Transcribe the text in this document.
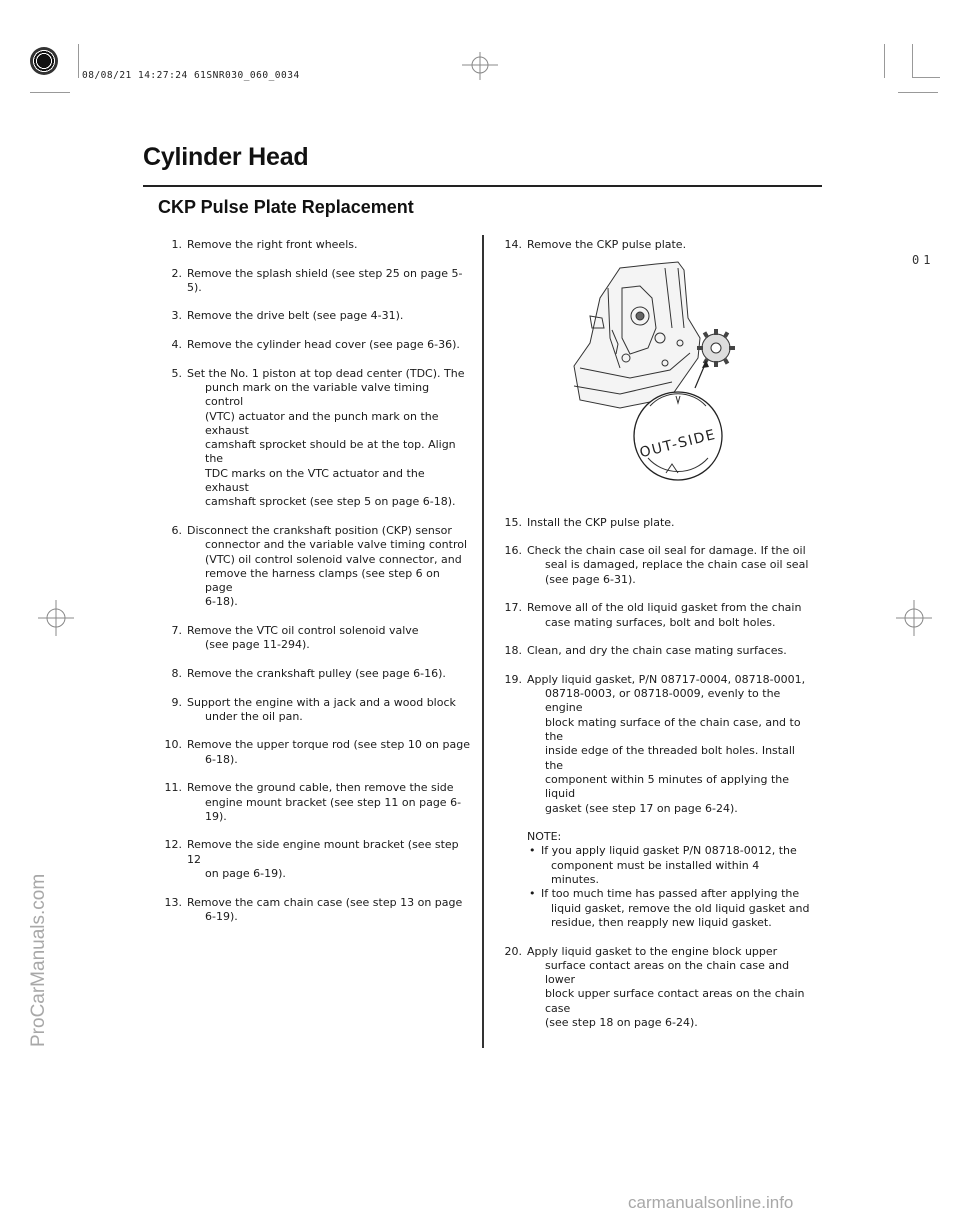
08/08/21 14:27:24 61SNR030_060_0034
Cylinder Head
CKP Pulse Plate Replacement
01
1. Remove the right front wheels.
2. Remove the splash shield (see step 25 on page 5-5).
3. Remove the drive belt (see page 4-31).
4. Remove the cylinder head cover (see page 6-36).
5. Set the No. 1 piston at top dead center (TDC). The
punch mark on the variable valve timing control
(VTC) actuator and the punch mark on the exhaust
camshaft sprocket should be at the top. Align the
TDC marks on the VTC actuator and the exhaust
camshaft sprocket (see step 5 on page 6-18).
6. Disconnect the crankshaft position (CKP) sensor
connector and the variable valve timing control
(VTC) oil control solenoid valve connector, and
remove the harness clamps (see step 6 on page
6-18).
7. Remove the VTC oil control solenoid valve
(see page 11-294).
8. Remove the crankshaft pulley (see page 6-16).
9. Support the engine with a jack and a wood block
under the oil pan.
10. Remove the upper torque rod (see step 10 on page
6-18).
11. Remove the ground cable, then remove the side
engine mount bracket (see step 11 on page 6-19).
12. Remove the side engine mount bracket (see step 12
on page 6-19).
13. Remove the cam chain case (see step 13 on page
6-19).
14. Remove the CKP pulse plate.
15. Install the CKP pulse plate.
16. Check the chain case oil seal for damage. If the oil
seal is damaged, replace the chain case oil seal
(see page 6-31).
17. Remove all of the old liquid gasket from the chain
case mating surfaces, bolt and bolt holes.
18. Clean, and dry the chain case mating surfaces.
19. Apply liquid gasket, P/N 08717-0004, 08718-0001,
08718-0003, or 08718-0009, evenly to the engine
block mating surface of the chain case, and to the
inside edge of the threaded bolt holes. Install the
component within 5 minutes of applying the liquid
gasket (see step 17 on page 6-24).
NOTE:
• If you apply liquid gasket P/N 08718-0012, the
component must be installed within 4 minutes.
• If too much time has passed after applying the
liquid gasket, remove the old liquid gasket and
residue, then reapply new liquid gasket.
20. Apply liquid gasket to the engine block upper
surface contact areas on the chain case and lower
block upper surface contact areas on the chain case
(see step 18 on page 6-24).
OUT-SIDE
ProCarManuals.com
carmanualsonline.info
